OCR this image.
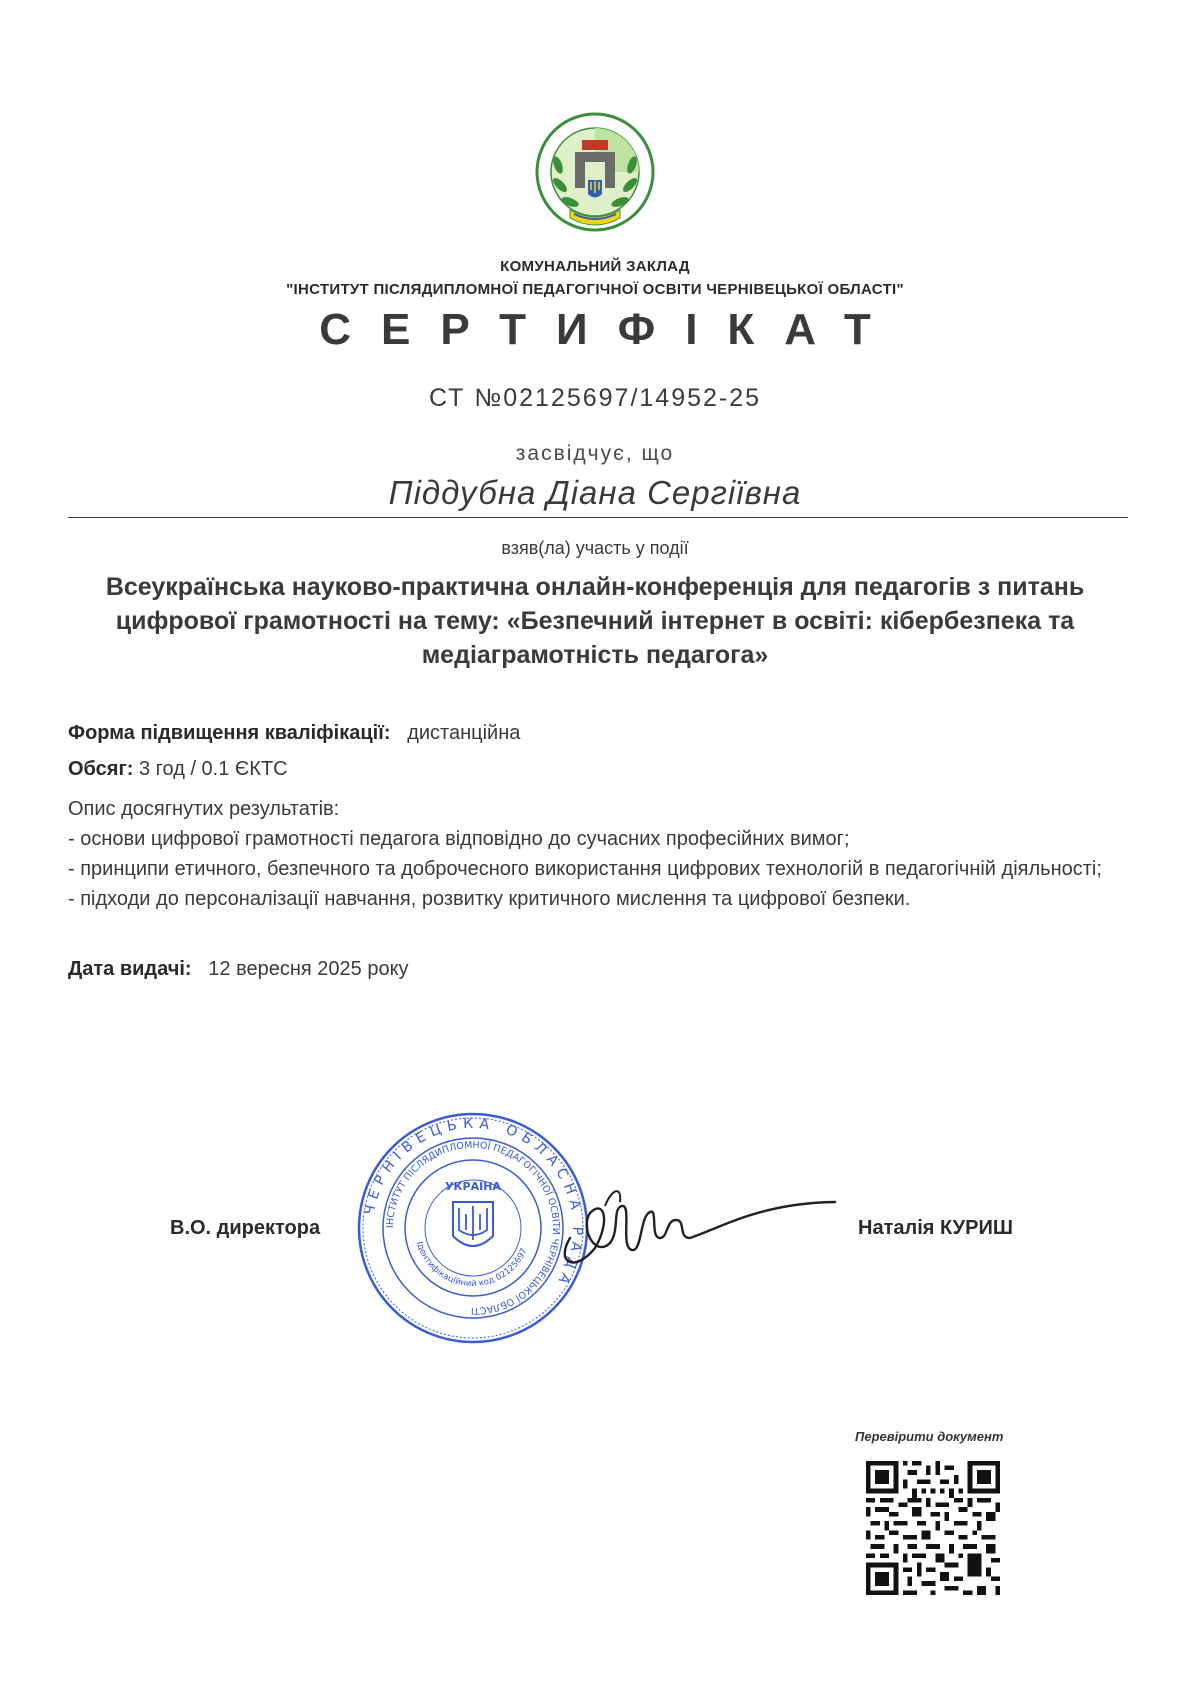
КОМУНАЛЬНИЙ ЗАКЛАД
"ІНСТИТУТ ПІСЛЯДИПЛОМНОЇ ПЕДАГОГІЧНОЇ ОСВІТИ ЧЕРНІВЕЦЬКОЇ ОБЛАСТІ"
СЕРТИФІКАТ
СТ №02125697/14952-25
засвідчує, що
Піддубна Діана Сергіївна
взяв(ла) участь у події
Всеукраїнська науково-практична онлайн-конференція для педагогів з питань цифрової грамотності на тему: «Безпечний інтернет в освіті: кібербезпека та медіаграмотність педагога»
Форма підвищення кваліфікації: дистанційна
Обсяг: 3 год / 0.1 ЄКТС
Опис досягнутих результатів:
- основи цифрової грамотності педагога відповідно до сучасних професійних вимог;
- принципи етичного, безпечного та доброчесного використання цифрових технологій в педагогічній діяльності;
- підходи до персоналізації навчання, розвитку критичного мислення та цифрової безпеки.
Дата видачі: 12 вересня 2025 року
В.О. директора
ЧЕРНІВЕЦЬКА ОБЛАСНА РАДА
ІНСТИТУТ ПІСЛЯДИПЛОМНОЇ ПЕДАГОГІЧНОЇ ОСВІТИ ЧЕРНІВЕЦЬКОЇ ОБЛАСТІ
Ідентифікаційний код 02125697
УКРАЇНА
Наталія КУРИШ
Перевірити документ
